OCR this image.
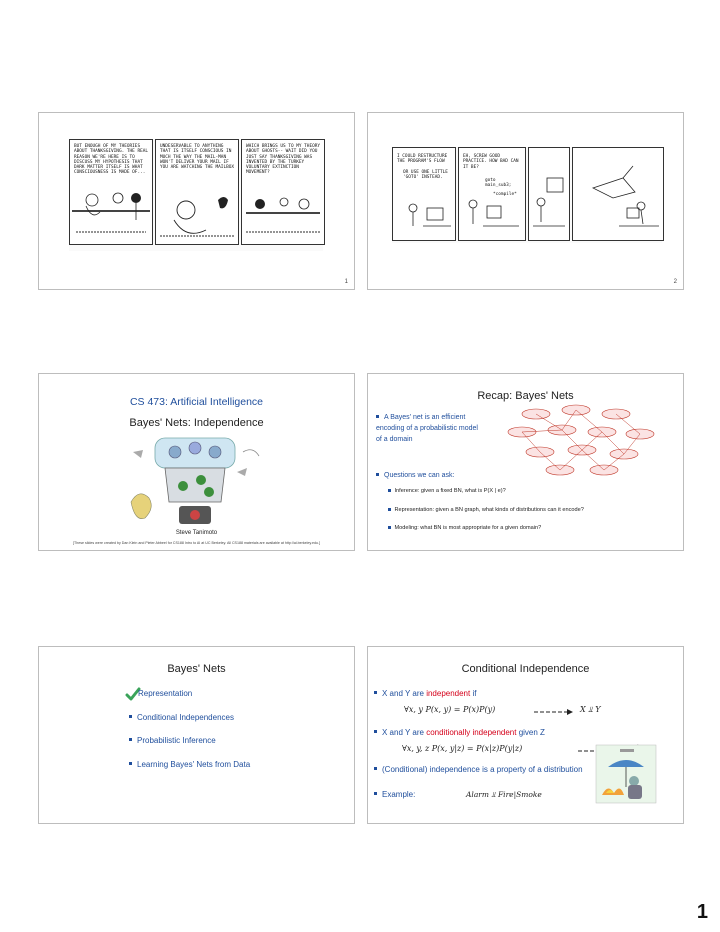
BUT ENOUGH OF MY THEORIES ABOUT THANKSGIVING. THE REAL REASON WE'RE HERE IS TO DISCUSS MY HYPOTHESIS THAT DARK MATTER ITSELF IS WHAT CONSCIOUSNESS IS MADE OF...
UNDESERVABLE TO ANYTHING THAT IS ITSELF CONSCIOUS IN MUCH THE WAY THE MAIL-MAN WON'T DELIVER YOUR MAIL IF YOU ARE WATCHING THE MAILBOX
WHICH BRINGS US TO MY THEORY ABOUT GHOSTS-- WAIT DID YOU JUST SAY THANKSGIVING WAS INVENTED BY THE TURKEY VOLUNTARY EXTINCTION MOVEMENT?
1
I COULD RESTRUCTURE THE PROGRAM'S FLOW
OR USE ONE LITTLE 'GOTO' INSTEAD.
EH, SCREW GOOD PRACTICE. HOW BAD CAN IT BE?
goto main_sub3;
*compile*
2
CS 473: Artificial Intelligence
Bayes' Nets: Independence
Steve Tanimoto
[These slides were created by Dan Klein and Pieter Abbeel for CS188 Intro to AI at UC Berkeley. All CS188 materials are available at http://ai.berkeley.edu.]
Recap: Bayes' Nets
A Bayes' net is an efficient encoding of a probabilistic model of a domain
Questions we can ask:
Inference: given a fixed BN, what is P(X | e)?
Representation: given a BN graph, what kinds of distributions can it encode?
Modeling: what BN is most appropriate for a given domain?
Bayes' Nets
Representation
Conditional Independences
Probabilistic Inference
Learning Bayes' Nets from Data
Conditional Independence
X and Y are independent if
∀x, y P(x, y) = P(x)P(y)	X ⫫ Y
X and Y are conditionally independent given Z
∀x, y, z P(x, y|z) = P(x|z)P(y|z)
(Conditional) independence is a property of a distribution
Example:	Alarm ⫫ Fire|Smoke
1
